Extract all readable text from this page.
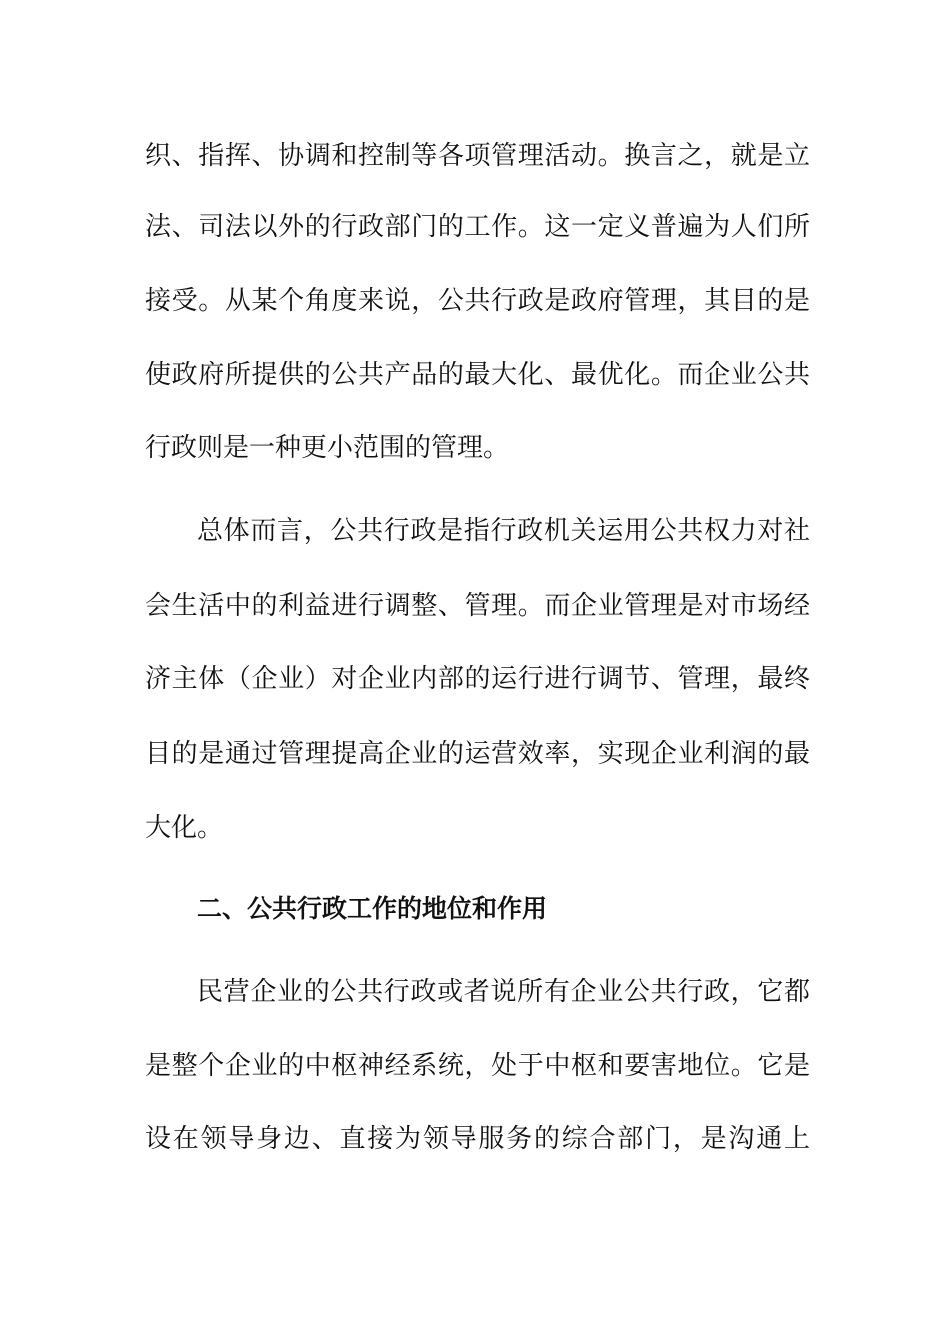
织、指挥、协调和控制等各项管理活动。换言之，就是立
法、司法以外的行政部门的工作。这一定义普遍为人们所
接受。从某个角度来说，公共行政是政府管理，其目的是
使政府所提供的公共产品的最大化、最优化。而企业公共
行政则是一种更小范围的管理。
总体而言，公共行政是指行政机关运用公共权力对社
会生活中的利益进行调整、管理。而企业管理是对市场经
济主体（企业）对企业内部的运行进行调节、管理，最终
目的是通过管理提高企业的运营效率，实现企业利润的最
大化。
二、公共行政工作的地位和作用
民营企业的公共行政或者说所有企业公共行政，它都
是整个企业的中枢神经系统，处于中枢和要害地位。它是
设在领导身边、直接为领导服务的综合部门，是沟通上
